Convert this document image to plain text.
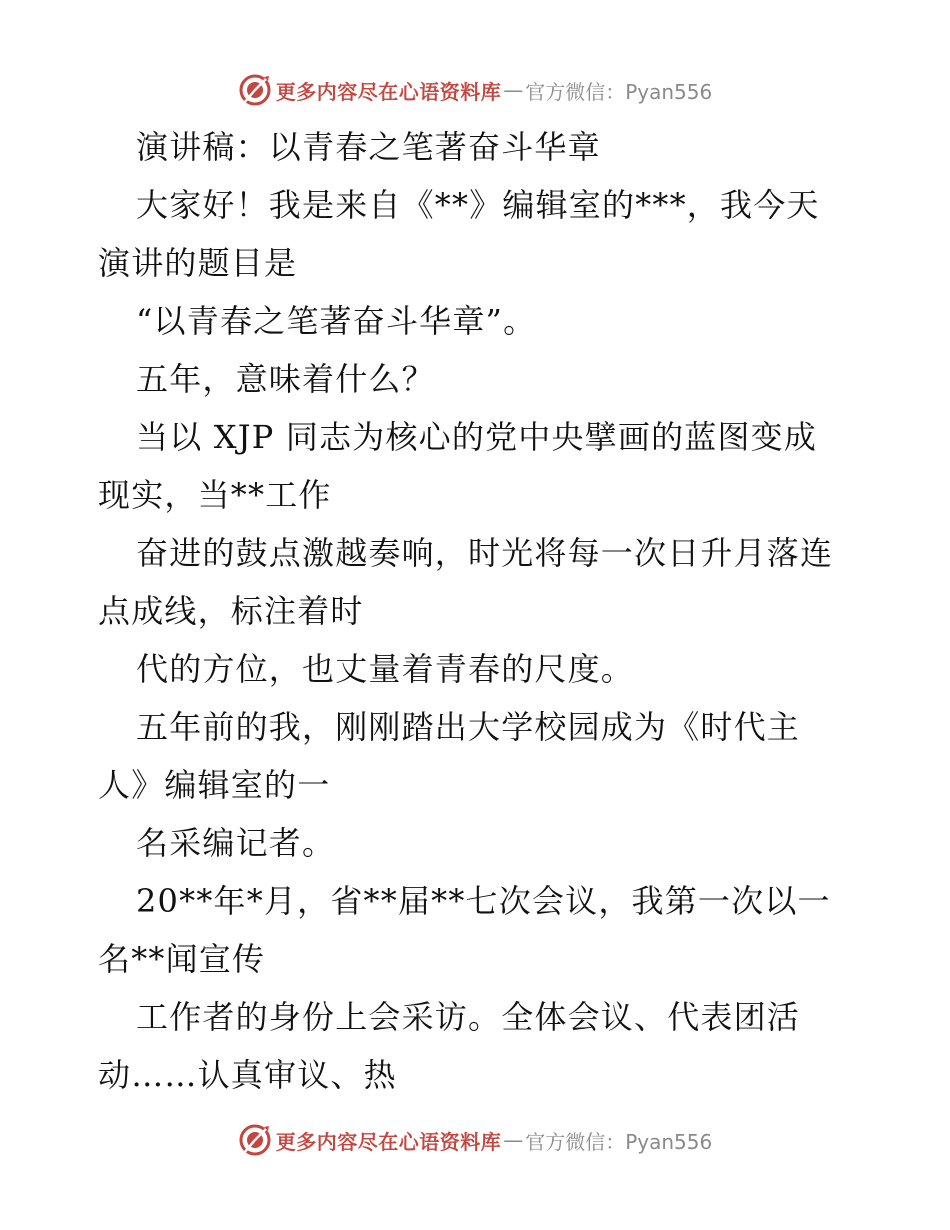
更多内容尽在心语资料库 — 官方微信：Pyan556
演讲稿：以青春之笔著奋斗华章
大家好！我是来自《**》编辑室的***，我今天
演讲的题目是
“以青春之笔著奋斗华章”。
五年，意味着什么？
当以 XJP 同志为核心的党中央擘画的蓝图变成
现实，当**工作
奋进的鼓点激越奏响，时光将每一次日升月落连
点成线，标注着时
代的方位，也丈量着青春的尺度。
五年前的我，刚刚踏出大学校园成为《时代主
人》编辑室的一
名采编记者。
20**年*月，省**届**七次会议，我第一次以一
名**闻宣传
工作者的身份上会采访。全体会议、代表团活
动……认真审议、热
更多内容尽在心语资料库 — 官方微信：Pyan556
